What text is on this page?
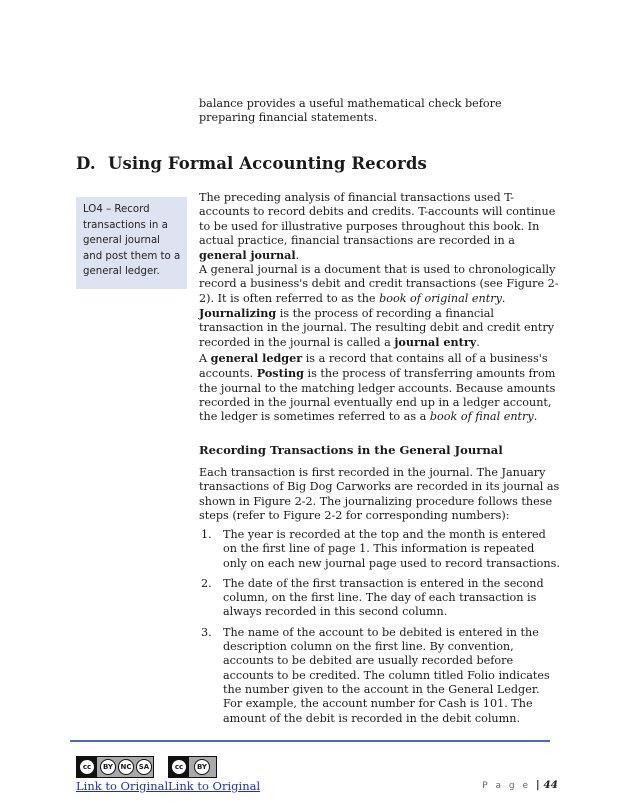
balance provides a useful mathematical check before preparing financial statements.

D. Using Formal Accounting Records
LO4 – Record transactions in a general journal and post them to a general ledger.

The preceding analysis of financial transactions used T-accounts to record debits and credits. T-accounts will continue to be used for illustrative purposes throughout this book. In actual practice, financial transactions are recorded in a general journal.

A general journal is a document that is used to chronologically record a business's debit and credit transactions (see Figure 2-2). It is often referred to as the book of original entry. Journalizing is the process of recording a financial transaction in the journal. The resulting debit and credit entry recorded in the journal is called a journal entry.

A general ledger is a record that contains all of a business's accounts. Posting is the process of transferring amounts from the journal to the matching ledger accounts. Because amounts recorded in the journal eventually end up in a ledger account, the ledger is sometimes referred to as a book of final entry.

Recording Transactions in the General Journal

Each transaction is first recorded in the journal. The January transactions of Big Dog Carworks are recorded in its journal as shown in Figure 2-2. The journalizing procedure follows these steps (refer to Figure 2-2 for corresponding numbers):

1. The year is recorded at the top and the month is entered on the first line of page 1. This information is repeated only on each new journal page used to record transactions.
2. The date of the first transaction is entered in the second column, on the first line. The day of each transaction is always recorded in this second column.
3. The name of the account to be debited is entered in the description column on the first line. By convention, accounts to be debited are usually recorded before accounts to be credited. The column titled Folio indicates the number given to the account in the General Ledger. For example, the account number for Cash is 101. The amount of the debit is recorded in the debit column.
cc	BY	NC	SA	cc	BY
Link to Original Link to Original	P a g e | 44
